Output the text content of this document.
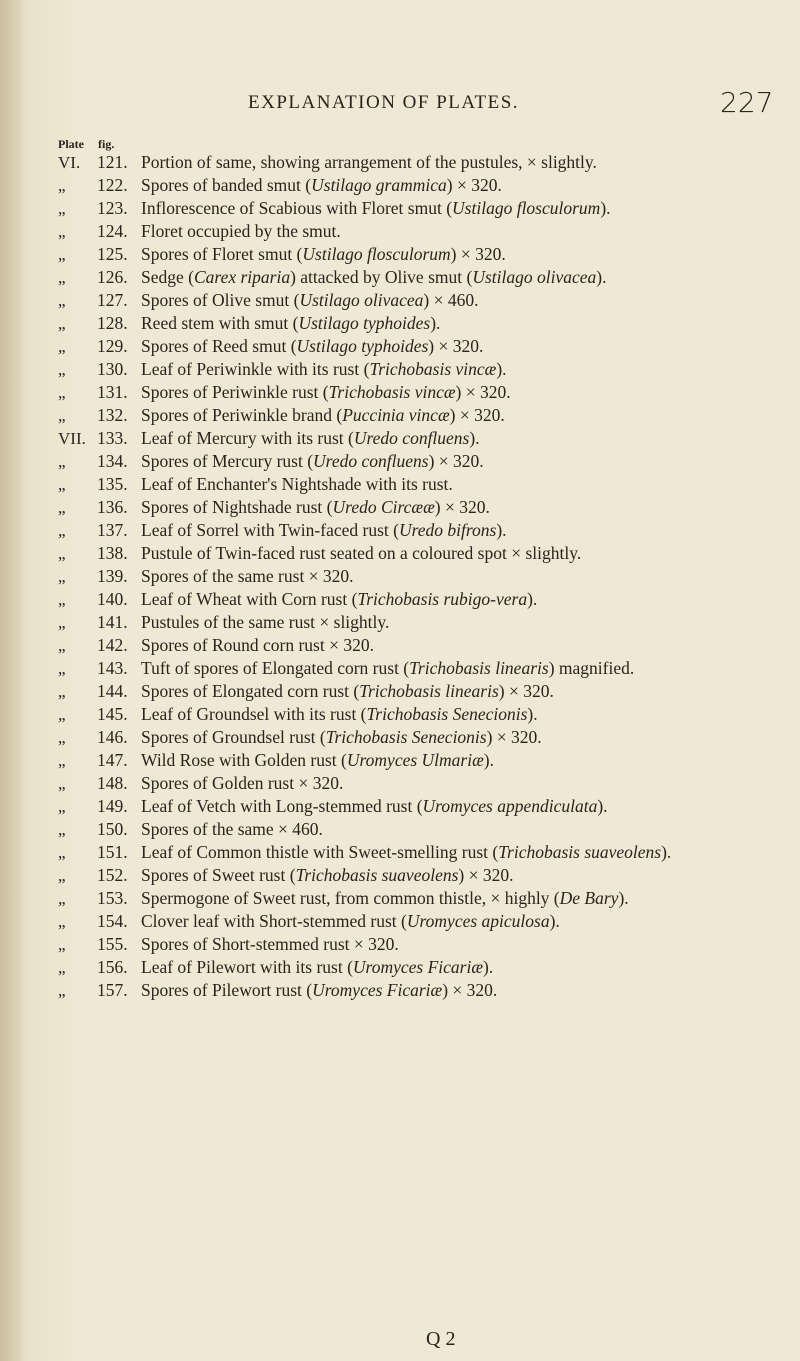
EXPLANATION OF PLATES.	227
Plate fig.
VI. 121. Portion of same, showing arrangement of the pustules, × slightly.
„	122. Spores of banded smut (Ustilago grammica) × 320.
„	123. Inflorescence of Scabious with Floret smut (Ustilago flosculorum).
„	124. Floret occupied by the smut.
„	125. Spores of Floret smut (Ustilago flosculorum) × 320.
„	126. Sedge (Carex riparia) attacked by Olive smut (Ustilago olivacea).
„	127. Spores of Olive smut (Ustilago olivacea) × 460.
„	128. Reed stem with smut (Ustilago typhoides).
„	129. Spores of Reed smut (Ustilago typhoides) × 320.
„	130. Leaf of Periwinkle with its rust (Trichobasis vincæ).
„	131. Spores of Periwinkle rust (Trichobasis vincæ) × 320.
„	132. Spores of Periwinkle brand (Puccinia vincæ) × 320.
VII. 133. Leaf of Mercury with its rust (Uredo confluens).
„	134. Spores of Mercury rust (Uredo confluens) × 320.
„	135. Leaf of Enchanter's Nightshade with its rust.
„	136. Spores of Nightshade rust (Uredo Circææ) × 320.
„	137. Leaf of Sorrel with Twin-faced rust (Uredo bifrons).
„	138. Pustule of Twin-faced rust seated on a coloured spot × slightly.
„	139. Spores of the same rust × 320.
„	140. Leaf of Wheat with Corn rust (Trichobasis rubigo-vera).
„	141. Pustules of the same rust × slightly.
„	142. Spores of Round corn rust × 320.
„	143. Tuft of spores of Elongated corn rust (Trichobasis linearis) magnified.
„	144. Spores of Elongated corn rust (Trichobasis linearis) × 320.
„	145. Leaf of Groundsel with its rust (Trichobasis Senecionis).
„	146. Spores of Groundsel rust (Trichobasis Senecionis) × 320.
„	147. Wild Rose with Golden rust (Uromyces Ulmariæ).
„	148. Spores of Golden rust × 320.
„	149. Leaf of Vetch with Long-stemmed rust (Uromyces appendiculata).
„	150. Spores of the same × 460.
„	151. Leaf of Common thistle with Sweet-smelling rust (Trichobasis suaveolens).
„	152. Spores of Sweet rust (Trichobasis suaveolens) × 320.
„	153. Spermogone of Sweet rust, from common thistle, × highly (De Bary).
„	154. Clover leaf with Short-stemmed rust (Uromyces apiculosa).
„	155. Spores of Short-stemmed rust × 320.
„	156. Leaf of Pilewort with its rust (Uromyces Ficariæ).
„	157. Spores of Pilewort rust (Uromyces Ficariæ) × 320.
Q 2
